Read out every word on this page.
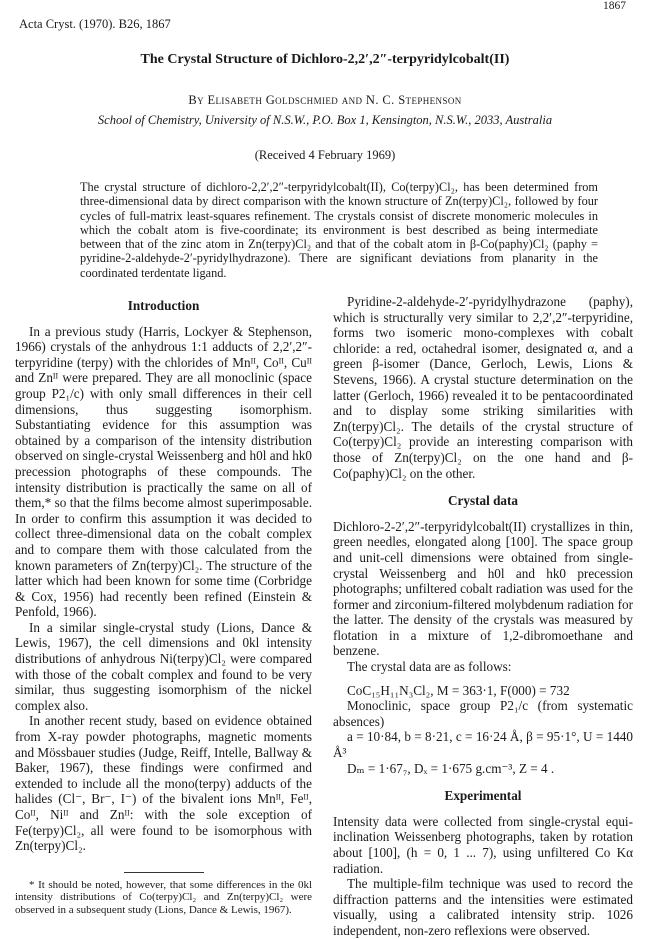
1867
Acta Cryst. (1970). B26, 1867
The Crystal Structure of Dichloro-2,2′,2″-terpyridylcobalt(II)
By Elisabeth Goldschmied and N. C. Stephenson
School of Chemistry, University of N.S.W., P.O. Box 1, Kensington, N.S.W., 2033, Australia
(Received 4 February 1969)

The crystal structure of dichloro-2,2′,2″-terpyridylcobalt(II), Co(terpy)Cl₂, has been determined from three-dimensional data by direct comparison with the known structure of Zn(terpy)Cl₂, followed by four cycles of full-matrix least-squares refinement. The crystals consist of discrete monomeric molecules in which the cobalt atom is five-coordinate; its environment is best described as being intermediate between that of the zinc atom in Zn(terpy)Cl₂ and that of the cobalt atom in β-Co(paphy)Cl₂ (paphy = pyridine-2-aldehyde-2′-pyridylhydrazone). There are significant deviations from planarity in the coordinated terdentate ligand.

Introduction

In a previous study (Harris, Lockyer & Stephenson, 1966) crystals of the anhydrous 1:1 adducts of 2,2′,2″-terpyridine (terpy) with the chlorides of Mnᴵᴵ, Coᴵᴵ, Cuᴵᴵ and Znᴵᴵ were prepared. They are all monoclinic (space group P2₁/c) with only small differences in their cell dimensions, thus suggesting isomorphism. Substantiating evidence for this assumption was obtained by a comparison of the intensity distribution observed on single-crystal Weissenberg and h0l and hk0 precession photographs of these compounds. The intensity distribution is practically the same on all of them,* so that the films become almost superimposable. In order to confirm this assumption it was decided to collect three-dimensional data on the cobalt complex and to compare them with those calculated from the known parameters of Zn(terpy)Cl₂. The structure of the latter which had been known for some time (Corbridge & Cox, 1956) had recently been refined (Einstein & Penfold, 1966).

In a similar single-crystal study (Lions, Dance & Lewis, 1967), the cell dimensions and 0kl intensity distributions of anhydrous Ni(terpy)Cl₂ were compared with those of the cobalt complex and found to be very similar, thus suggesting isomorphism of the nickel complex also.

In another recent study, based on evidence obtained from X-ray powder photographs, magnetic moments and Mössbauer studies (Judge, Reiff, Intelle, Ballway & Baker, 1967), these findings were confirmed and extended to include all the mono(terpy) adducts of the halides (Cl⁻, Br⁻, I⁻) of the bivalent ions Mnᴵᴵ, Feᴵᴵ, Coᴵᴵ, Niᴵᴵ and Znᴵᴵ: with the sole exception of Fe(terpy)Cl₂, all were found to be isomorphous with Zn(terpy)Cl₂.

* It should be noted, however, that some differences in the 0kl intensity distributions of Co(terpy)Cl₂ and Zn(terpy)Cl₂ were observed in a subsequent study (Lions, Dance & Lewis, 1967).

Pyridine-2-aldehyde-2′-pyridylhydrazone (paphy), which is structurally very similar to 2,2′,2″-terpyridine, forms two isomeric mono-complexes with cobalt chloride: a red, octahedral isomer, designated α, and a green β-isomer (Dance, Gerloch, Lewis, Lions & Stevens, 1966). A crystal stucture determination on the latter (Gerloch, 1966) revealed it to be pentacoordinated and to display some striking similarities with Zn(terpy)Cl₂. The details of the crystal structure of Co(terpy)Cl₂ provide an interesting comparison with those of Zn(terpy)Cl₂ on the one hand and β-Co(paphy)Cl₂ on the other.

Crystal data

Dichloro-2-2′,2″-terpyridylcobalt(II) crystallizes in thin, green needles, elongated along [100]. The space group and unit-cell dimensions were obtained from single-crystal Weissenberg and h0l and hk0 precession photographs; unfiltered cobalt radiation was used for the former and zirconium-filtered molybdenum radiation for the latter. The density of the crystals was measured by flotation in a mixture of 1,2-dibromoethane and benzene.

The crystal data are as follows:

CoC₁₅H₁₁N₃Cl₂, M = 363·1, F(000) = 732

Monoclinic, space group P2₁/c (from systematic absences)

a = 10·84, b = 8·21, c = 16·24 Å, β = 95·1°, U = 1440 Å³

Dₘ = 1·67₇, Dₓ = 1·675 g.cm⁻³, Z = 4 .

Experimental

Intensity data were collected from single-crystal equi-inclination Weissenberg photographs, taken by rotation about [100], (h = 0, 1 ... 7), using unfiltered Co Kα radiation.

The multiple-film technique was used to record the diffraction patterns and the intensities were estimated visually, using a calibrated intensity strip. 1026 independent, non-zero reflexions were observed.
